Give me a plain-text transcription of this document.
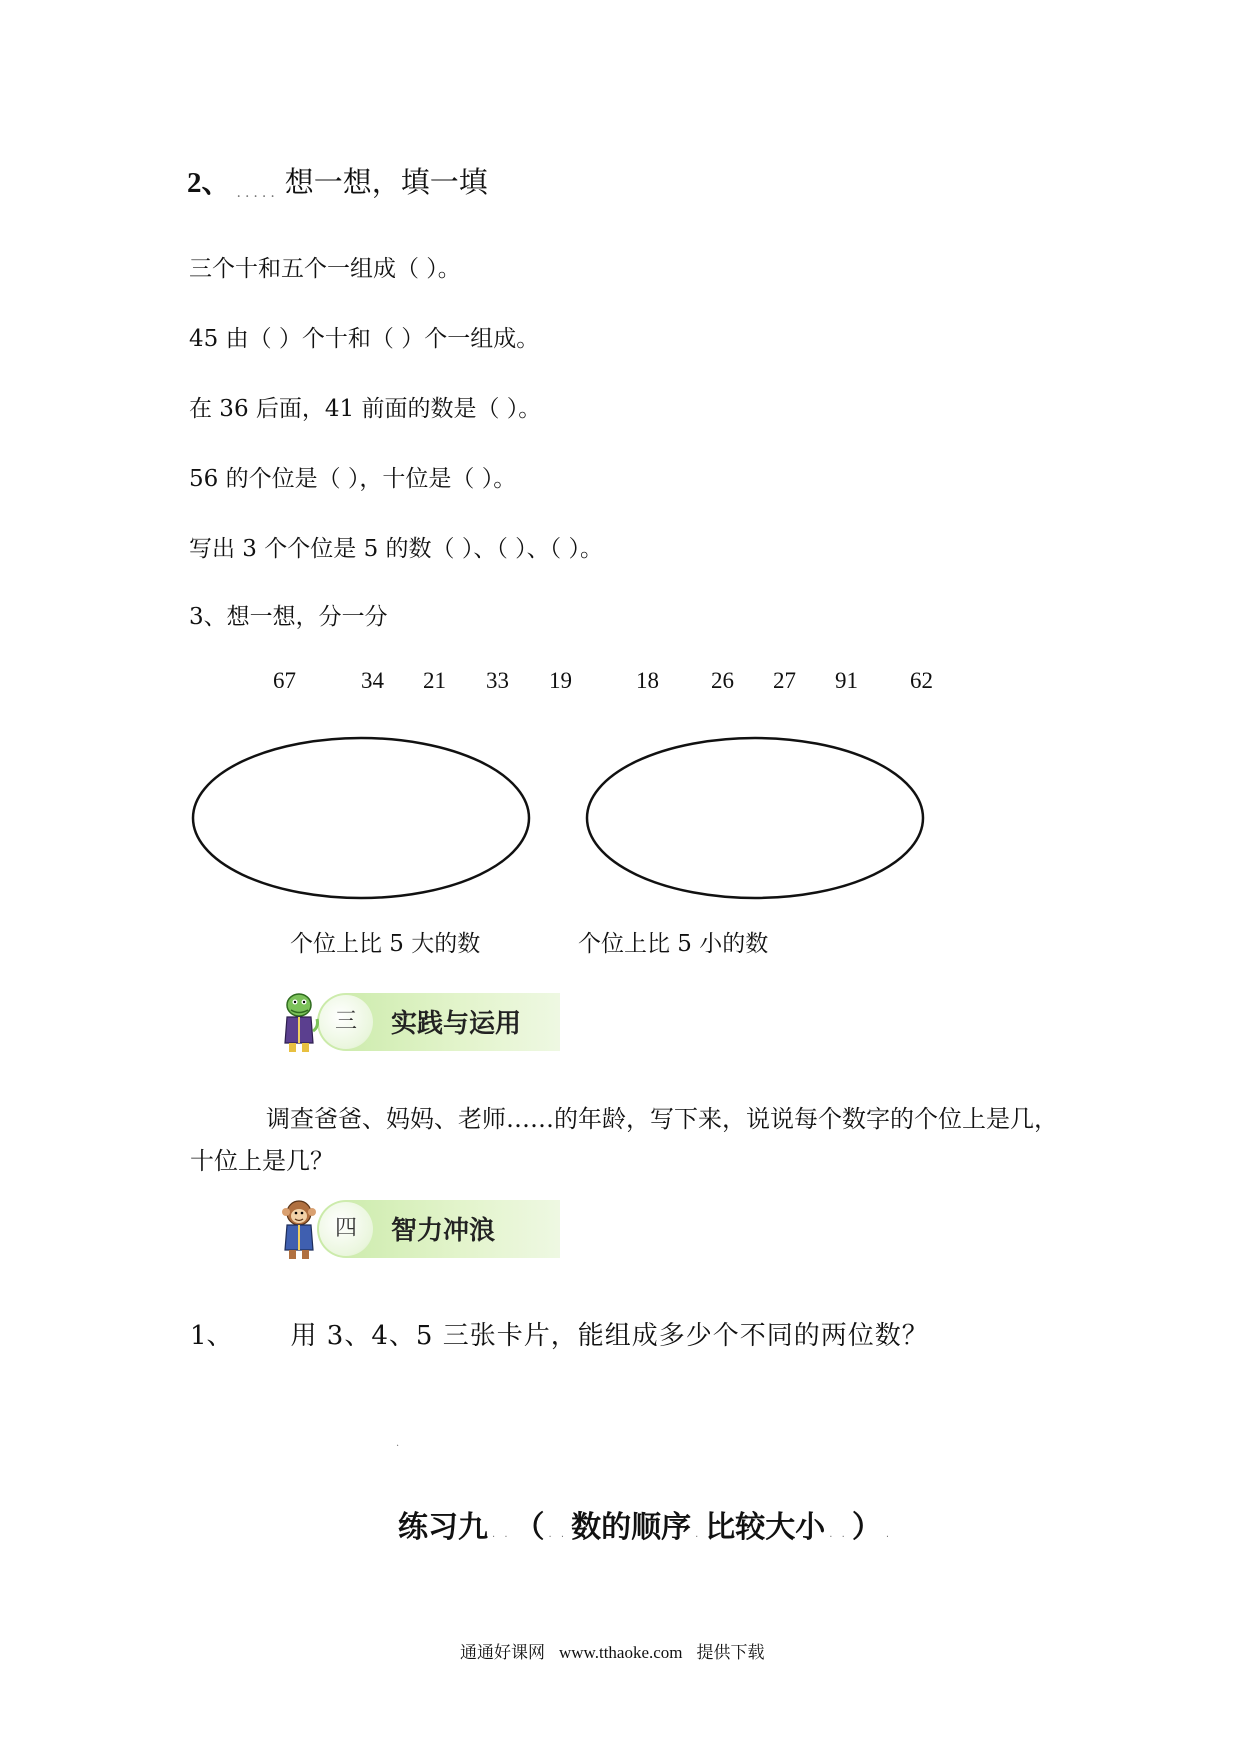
2、 ..... 想一想，填一填
三个十和五个一组成（ ）。
45 由（ ）个十和（ ）个一组成。
在 36 后面，41 前面的数是（ ）。
56 的个位是（ ），十位是（ ）。
写出 3 个个位是 5 的数（ ）、（ ）、（ ）。
3、想一想，分一分
67	34 21 33 19	18 26 27 91 62
个位上比 5 大的数	个位上比 5 小的数
三	实践与运用
调查爸爸、妈妈、老师……的年龄，写下来，说说每个数字的个位上是几，十位上是几？
四	智力冲浪
1、 用 3、4、5 三张卡片，能组成多少个不同的两位数？
.
练习九 . . （ . . 数的顺序 . 比较大小 . . ） .
通通好课网 www.tthaoke.com 提供下载
